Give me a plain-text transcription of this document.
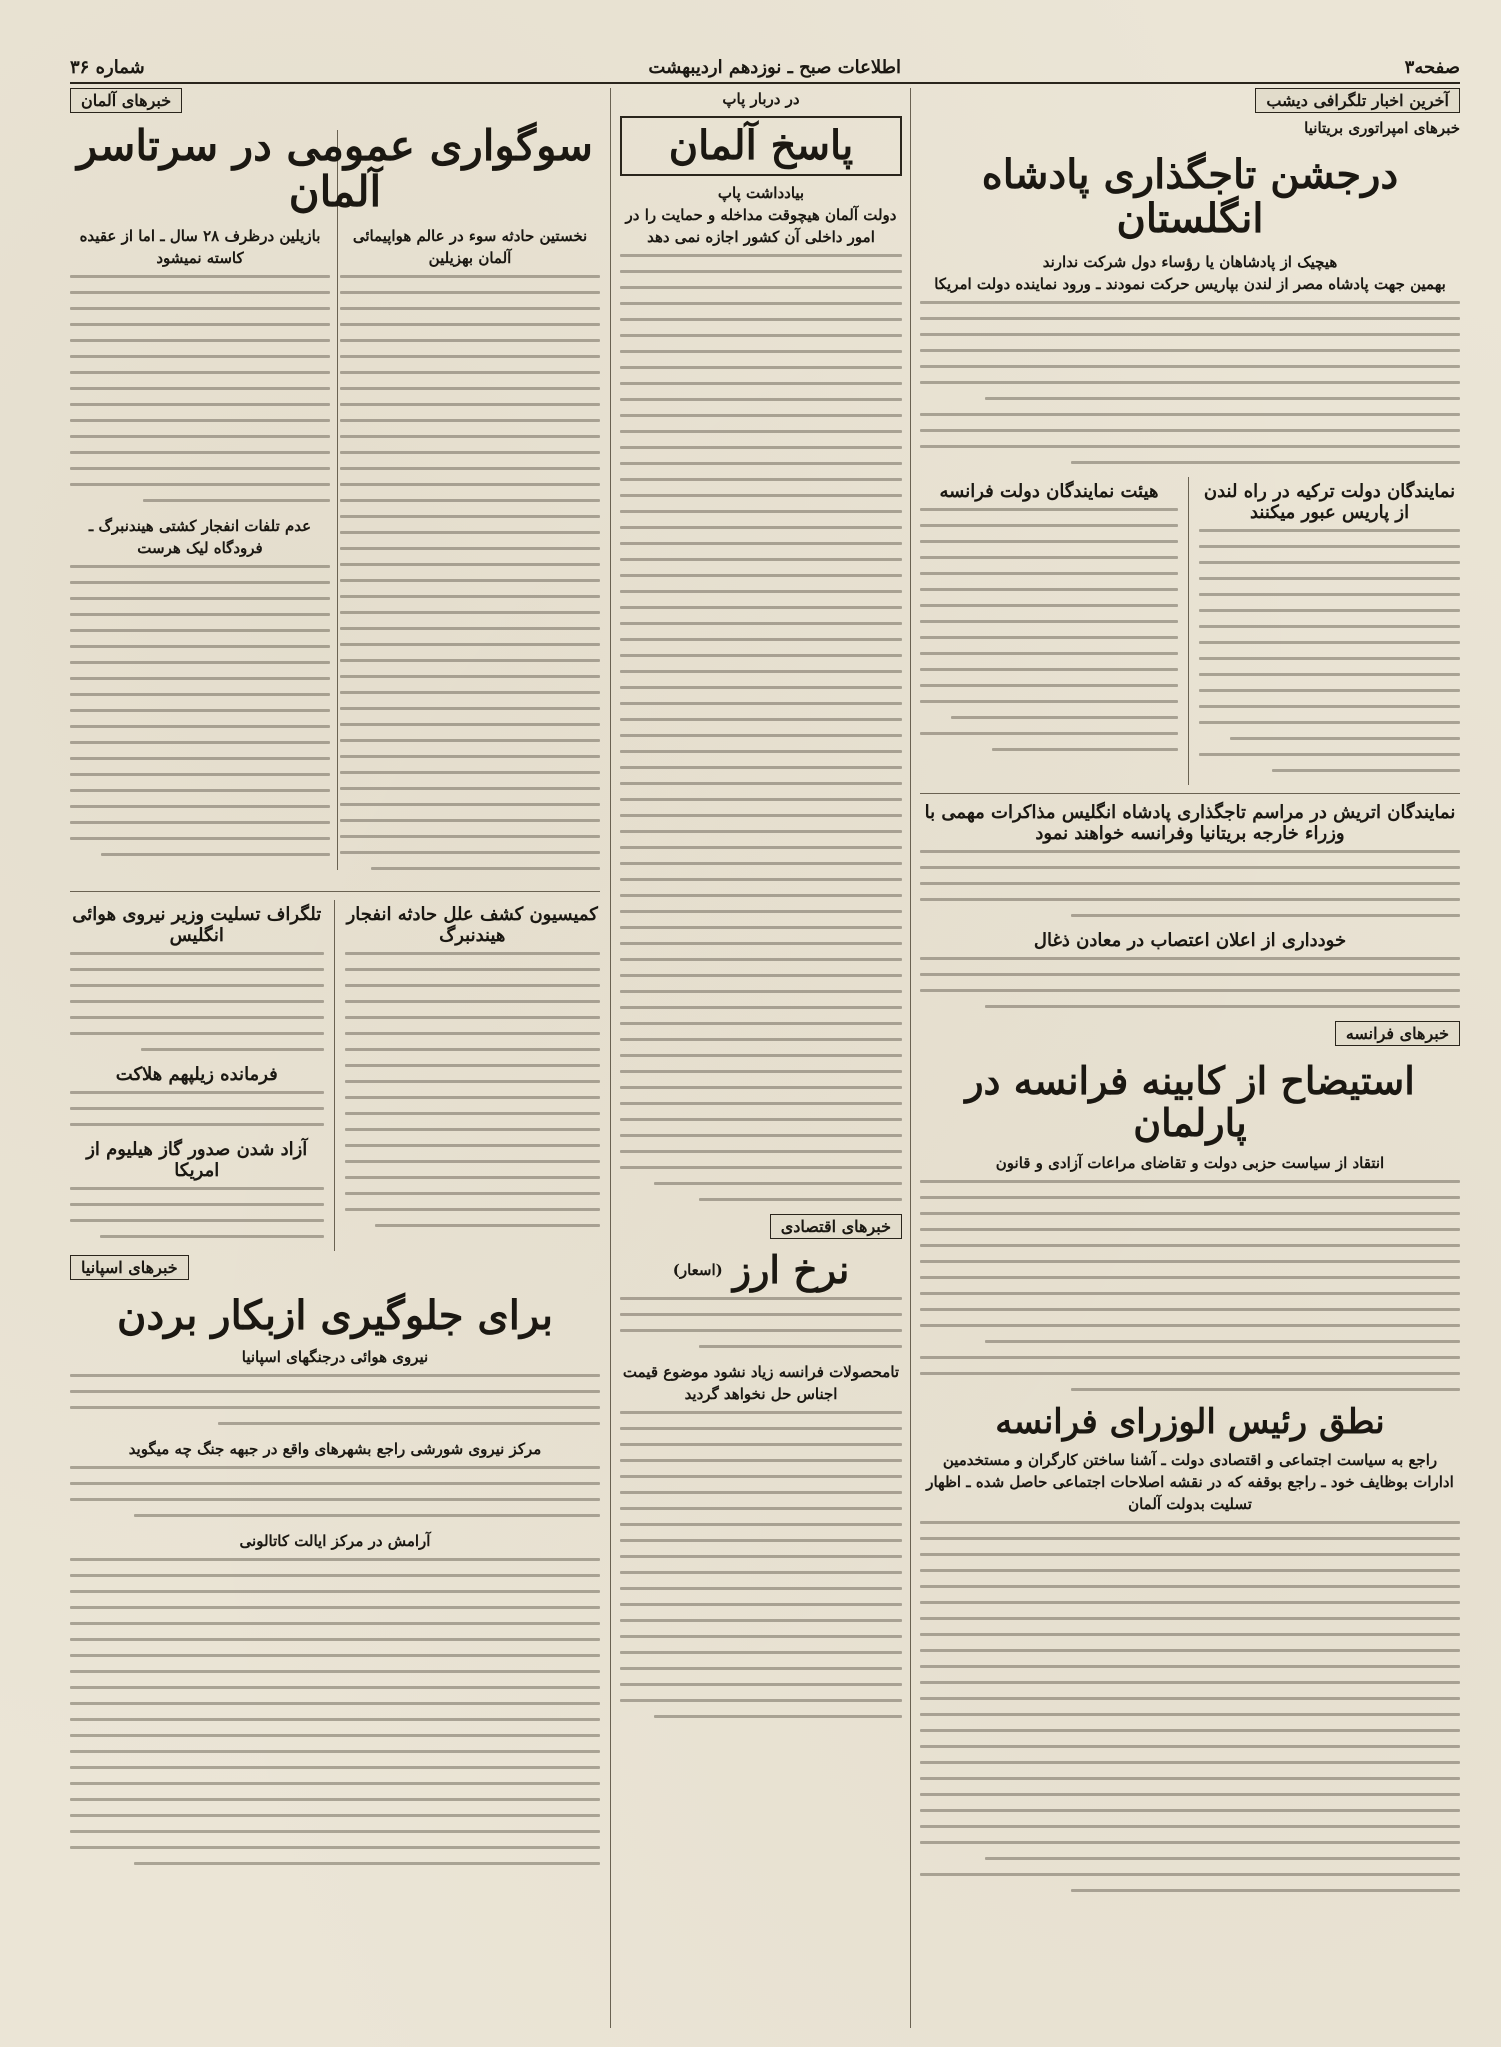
صفحه۳
اطلاعات صبح ـ نوزدهم اردیبهشت
شماره ۳۶
آخرین اخبار تلگرافی دیشب
خبرهای امپراتوری بریتانیا
درجشن تاجگذاری پادشاه انگلستان
هیچیک از پادشاهان یا رؤساء دول شرکت ندارند
بهمین جهت پادشاه مصر از لندن بپاریس حرکت نمودند ـ ورود نماینده دولت امریکا
نمایندگان دولت ترکیه در راه لندن از پاریس عبور میکنند
هیئت نمایندگان دولت فرانسه
نمایندگان اتریش در مراسم تاجگذاری پادشاه انگلیس مذاکرات مهمی با وزراء خارجه بریتانیا وفرانسه خواهند نمود
خودداری از اعلان اعتصاب در معادن ذغال
خبرهای فرانسه
استیضاح از کابینه فرانسه در پارلمان
انتقاد از سیاست حزبی دولت و تقاضای مراعات آزادی و قانون
نطق رئیس الوزرای فرانسه
راجع به سیاست اجتماعی و اقتصادی دولت ـ آشنا ساختن کارگران و مستخدمین ادارات بوظایف خود ـ راجع بوقفه که در نقشه اصلاحات اجتماعی حاصل شده ـ اظهار تسلیت بدولت آلمان
در دربار پاپ
پاسخ آلمان
بیادداشت پاپ
دولت آلمان هیچوقت مداخله و حمایت را در امور داخلی آن کشور اجازه نمی دهد
خبرهای اقتصادی
نرخ ارز
(اسعار)
تامحصولات فرانسه زیاد نشود موضوع قیمت اجناس حل نخواهد گردید
خبرهای آلمان
سوگواری عمومی در سرتاسر آلمان
نخستین حادثه سوء در عالم هواپیمائی آلمان بهزیلین
بازیلین درظرف ۲۸ سال ـ اما از عقیده کاسته نمیشود
عدم تلفات انفجار کشتی هیندنبرگ ـ فرودگاه لیک هرست
کمیسیون کشف علل حادثه انفجار هیندنبرگ
تلگراف تسلیت وزیر نیروی هوائی انگلیس
فرمانده زیلپهم هلاکت
آزاد شدن صدور گاز هیلیوم از امریکا
خبرهای اسپانیا
برای جلوگیری ازبکار بردن
نیروی هوائی درجنگهای اسپانیا
مرکز نیروی شورشی راجع بشهرهای واقع در جبهه جنگ چه میگوید
آرامش در مرکز ایالت کاتالونی
